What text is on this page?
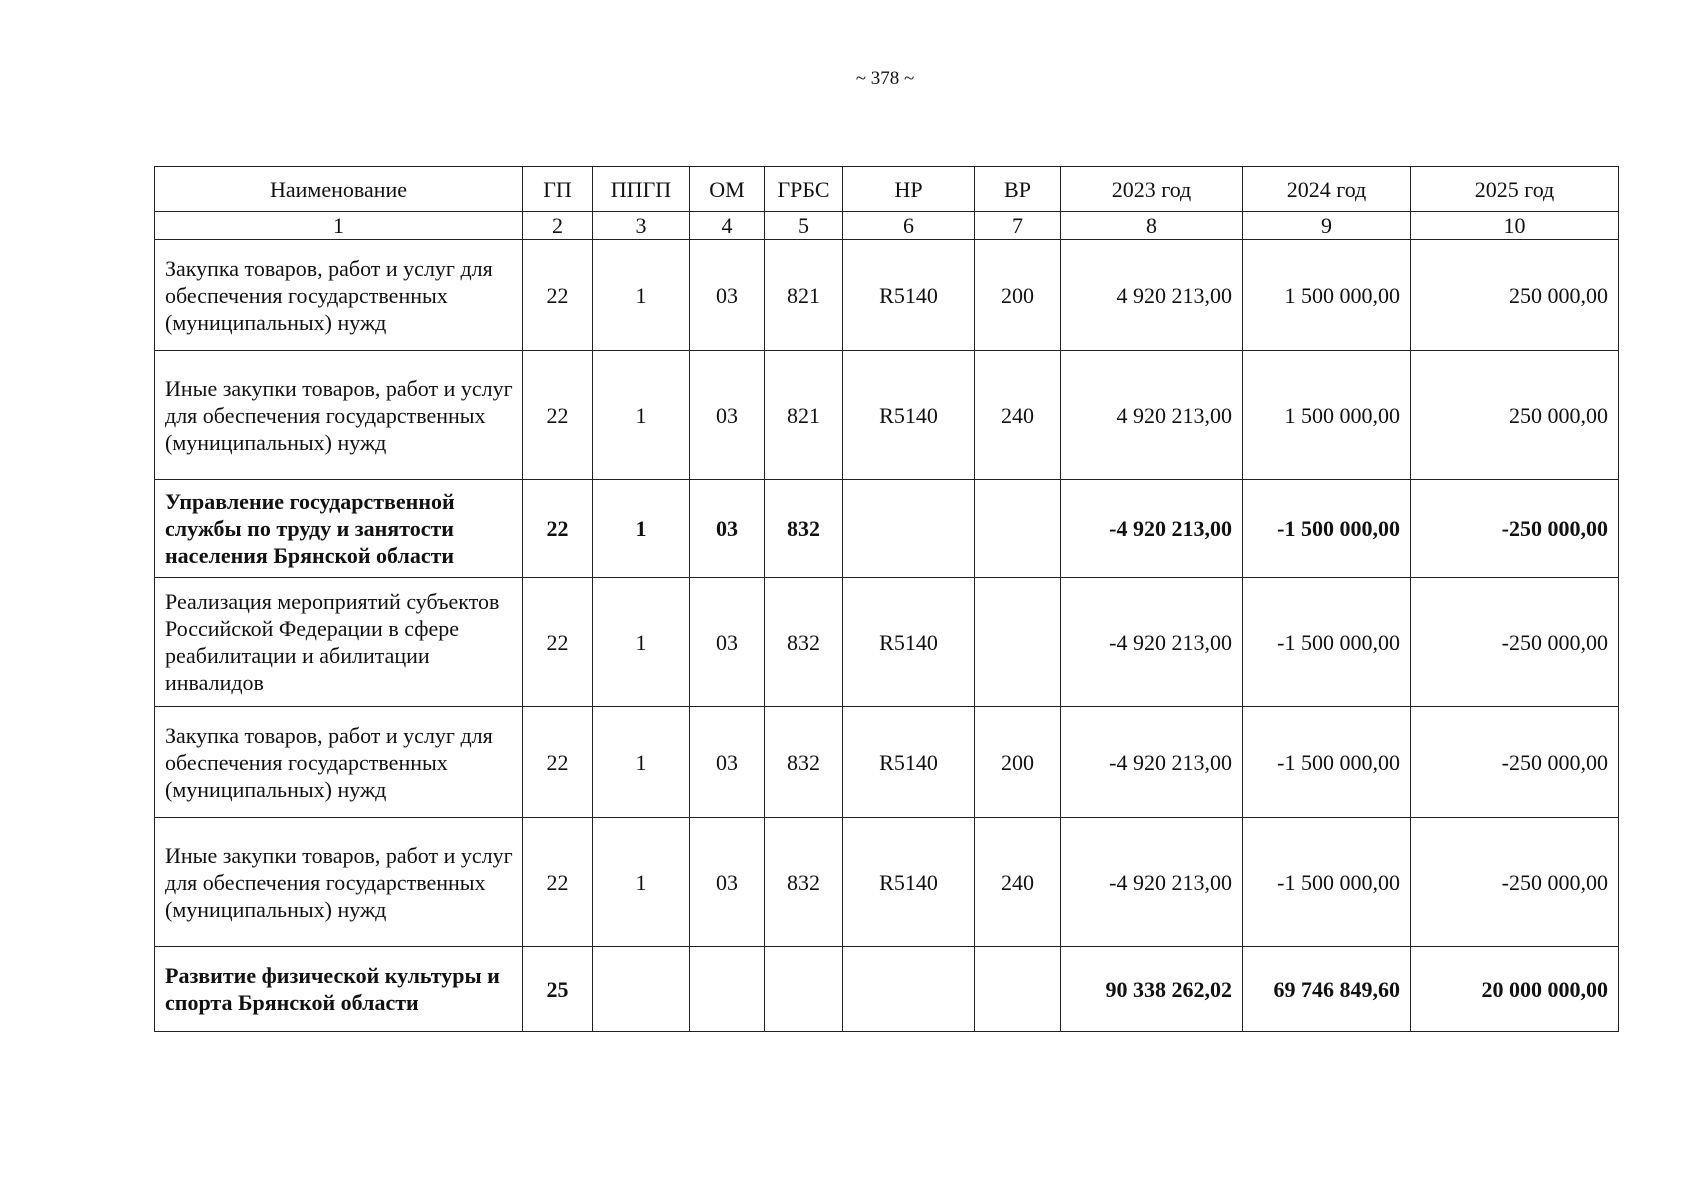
~ 378 ~
Наименование	ГП	ППГП	ОМ	ГРБС	НР	ВР	2023 год	2024 год	2025 год
1	2	3	4	5	6	7	8	9	10
Закупка товаров, работ и услуг для обеспечения государственных (муниципальных) нужд	22	1	03	821	R5140	200	4 920 213,00	1 500 000,00	250 000,00
Иные закупки товаров, работ и услуг для обеспечения государственных (муниципальных) нужд	22	1	03	821	R5140	240	4 920 213,00	1 500 000,00	250 000,00
Управление государственной службы по труду и занятости населения Брянской области	22	1	03	832			-4 920 213,00	-1 500 000,00	-250 000,00
Реализация мероприятий субъектов Российской Федерации в сфере реабилитации и абилитации инвалидов	22	1	03	832	R5140		-4 920 213,00	-1 500 000,00	-250 000,00
Закупка товаров, работ и услуг для обеспечения государственных (муниципальных) нужд	22	1	03	832	R5140	200	-4 920 213,00	-1 500 000,00	-250 000,00
Иные закупки товаров, работ и услуг для обеспечения государственных (муниципальных) нужд	22	1	03	832	R5140	240	-4 920 213,00	-1 500 000,00	-250 000,00
Развитие физической культуры и спорта Брянской области	25						90 338 262,02	69 746 849,60	20 000 000,00
